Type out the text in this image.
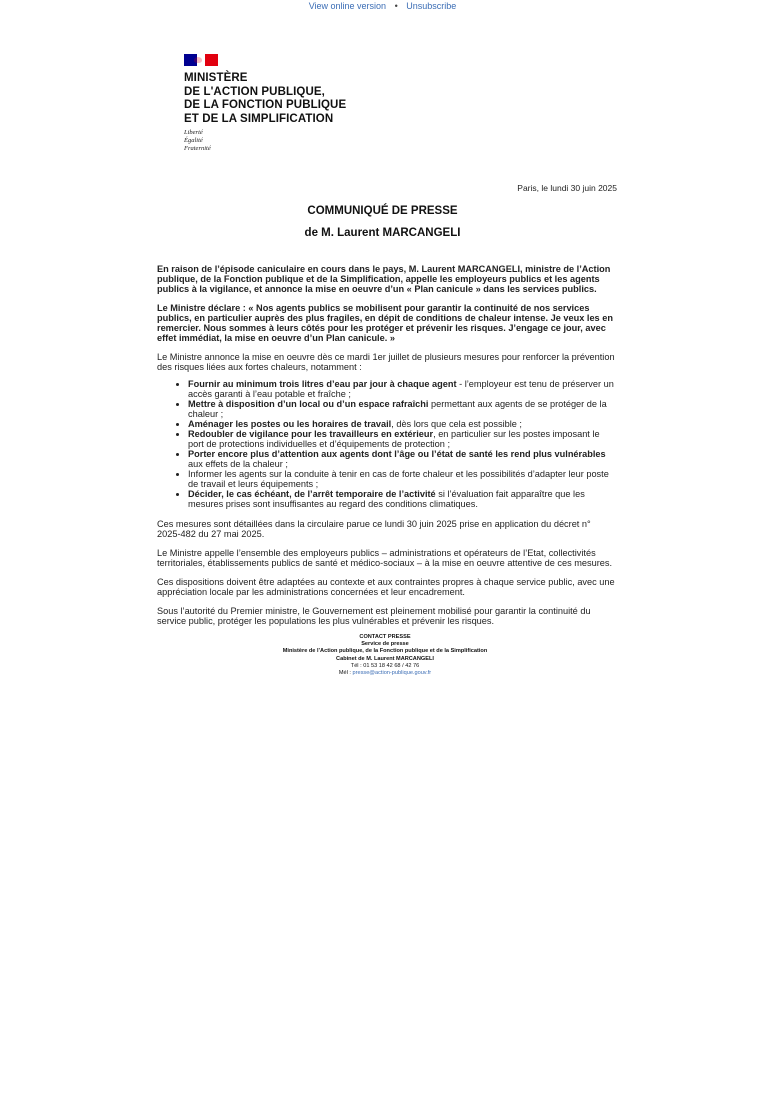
View online version • Unsubscribe
MINISTÈRE
DE L'ACTION PUBLIQUE,
DE LA FONCTION PUBLIQUE
ET DE LA SIMPLIFICATION
Liberté
Égalité
Fraternité
Paris, le lundi 30 juin 2025
COMMUNIQUÉ DE PRESSE
de M. Laurent MARCANGELI

En raison de l’épisode caniculaire en cours dans le pays, M. Laurent MARCANGELI, ministre de l’Action publique, de la Fonction publique et de la Simplification, appelle les employeurs publics et les agents publics à la vigilance, et annonce la mise en oeuvre d’un « Plan canicule » dans les services publics.

Le Ministre déclare : « Nos agents publics se mobilisent pour garantir la continuité de nos services publics, en particulier auprès des plus fragiles, en dépit de conditions de chaleur intense. Je veux les en remercier. Nous sommes à leurs côtés pour les protéger et prévenir les risques. J’engage ce jour, avec effet immédiat, la mise en oeuvre d’un Plan canicule. »

Le Ministre annonce la mise en oeuvre dès ce mardi 1er juillet de plusieurs mesures pour renforcer la prévention des risques liées aux fortes chaleurs, notamment :

• Fournir au minimum trois litres d’eau par jour à chaque agent - l’employeur est tenu de préserver un accès garanti à l’eau potable et fraîche ;
• Mettre à disposition d’un local ou d’un espace rafraîchi permettant aux agents de se protéger de la chaleur ;
• Aménager les postes ou les horaires de travail, dès lors que cela est possible ;
• Redoubler de vigilance pour les travailleurs en extérieur, en particulier sur les postes imposant le port de protections individuelles et d’équipements de protection ;
• Porter encore plus d’attention aux agents dont l’âge ou l’état de santé les rend plus vulnérables aux effets de la chaleur ;
• Informer les agents sur la conduite à tenir en cas de forte chaleur et les possibilités d’adapter leur poste de travail et leurs équipements ;
• Décider, le cas échéant, de l’arrêt temporaire de l’activité si l’évaluation fait apparaître que les mesures prises sont insuffisantes au regard des conditions climatiques.

Ces mesures sont détaillées dans la circulaire parue ce lundi 30 juin 2025 prise en application du décret n° 2025-482 du 27 mai 2025.

Le Ministre appelle l’ensemble des employeurs publics – administrations et opérateurs de l’Etat, collectivités territoriales, établissements publics de santé et médico-sociaux – à la mise en oeuvre attentive de ces mesures.

Ces dispositions doivent être adaptées au contexte et aux contraintes propres à chaque service public, avec une appréciation locale par les administrations concernées et leur encadrement.

Sous l’autorité du Premier ministre, le Gouvernement est pleinement mobilisé pour garantir la continuité du service public, protéger les populations les plus vulnérables et prévenir les risques.

CONTACT PRESSE
Service de presse
Ministère de l’Action publique, de la Fonction publique et de la Simplification
Cabinet de M. Laurent MARCANGELI
Tél : 01 53 18 42 68 / 42 76
Mél : presse@action-publique.gouv.fr
